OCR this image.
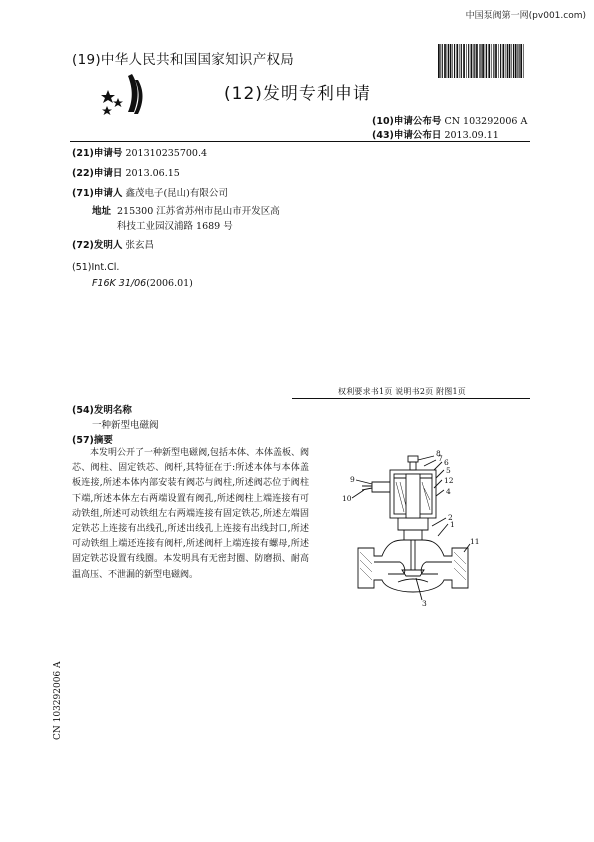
中国泵阀第一网(pv001.com)
(19)中华人民共和国国家知识产权局
(12)发明专利申请
(10)申请公布号 CN 103292006 A
(43)申请公布日 2013.09.11
(21)申请号 201310235700.4
(22)申请日 2013.06.15
(71)申请人 鑫茂电子(昆山)有限公司
地址 215300 江苏省苏州市昆山市开发区高
科技工业园汉浦路 1689 号
(72)发明人 张玄昌
(51)Int.Cl.
F16K 31/06(2006.01)
权利要求书1页 说明书2页 附图1页
(54)发明名称
一种新型电磁阀
(57)摘要
本发明公开了一种新型电磁阀,包括本体、本体盖板、阀芯、阀柱、固定铁芯、阀杆,其特征在于:所述本体与本体盖板连接,所述本体内部安装有阀芯与阀柱,所述阀芯位于阀柱下端,所述本体左右两端设置有阀孔,所述阀柱上端连接有可动铁组,所述可动铁组左右两端连接有固定铁芯,所述左端固定铁芯上连接有出线孔,所述出线孔上连接有出线封口,所述可动铁组上端还连接有阀杆,所述阀杆上端连接有螺母,所述固定铁芯设置有线圈。本发明具有无密封圈、防磨损、耐高温高压、不泄漏的新型电磁阀。
8
7 6
5
9	12
4
10
2
1
11
3
CN 103292006 A
